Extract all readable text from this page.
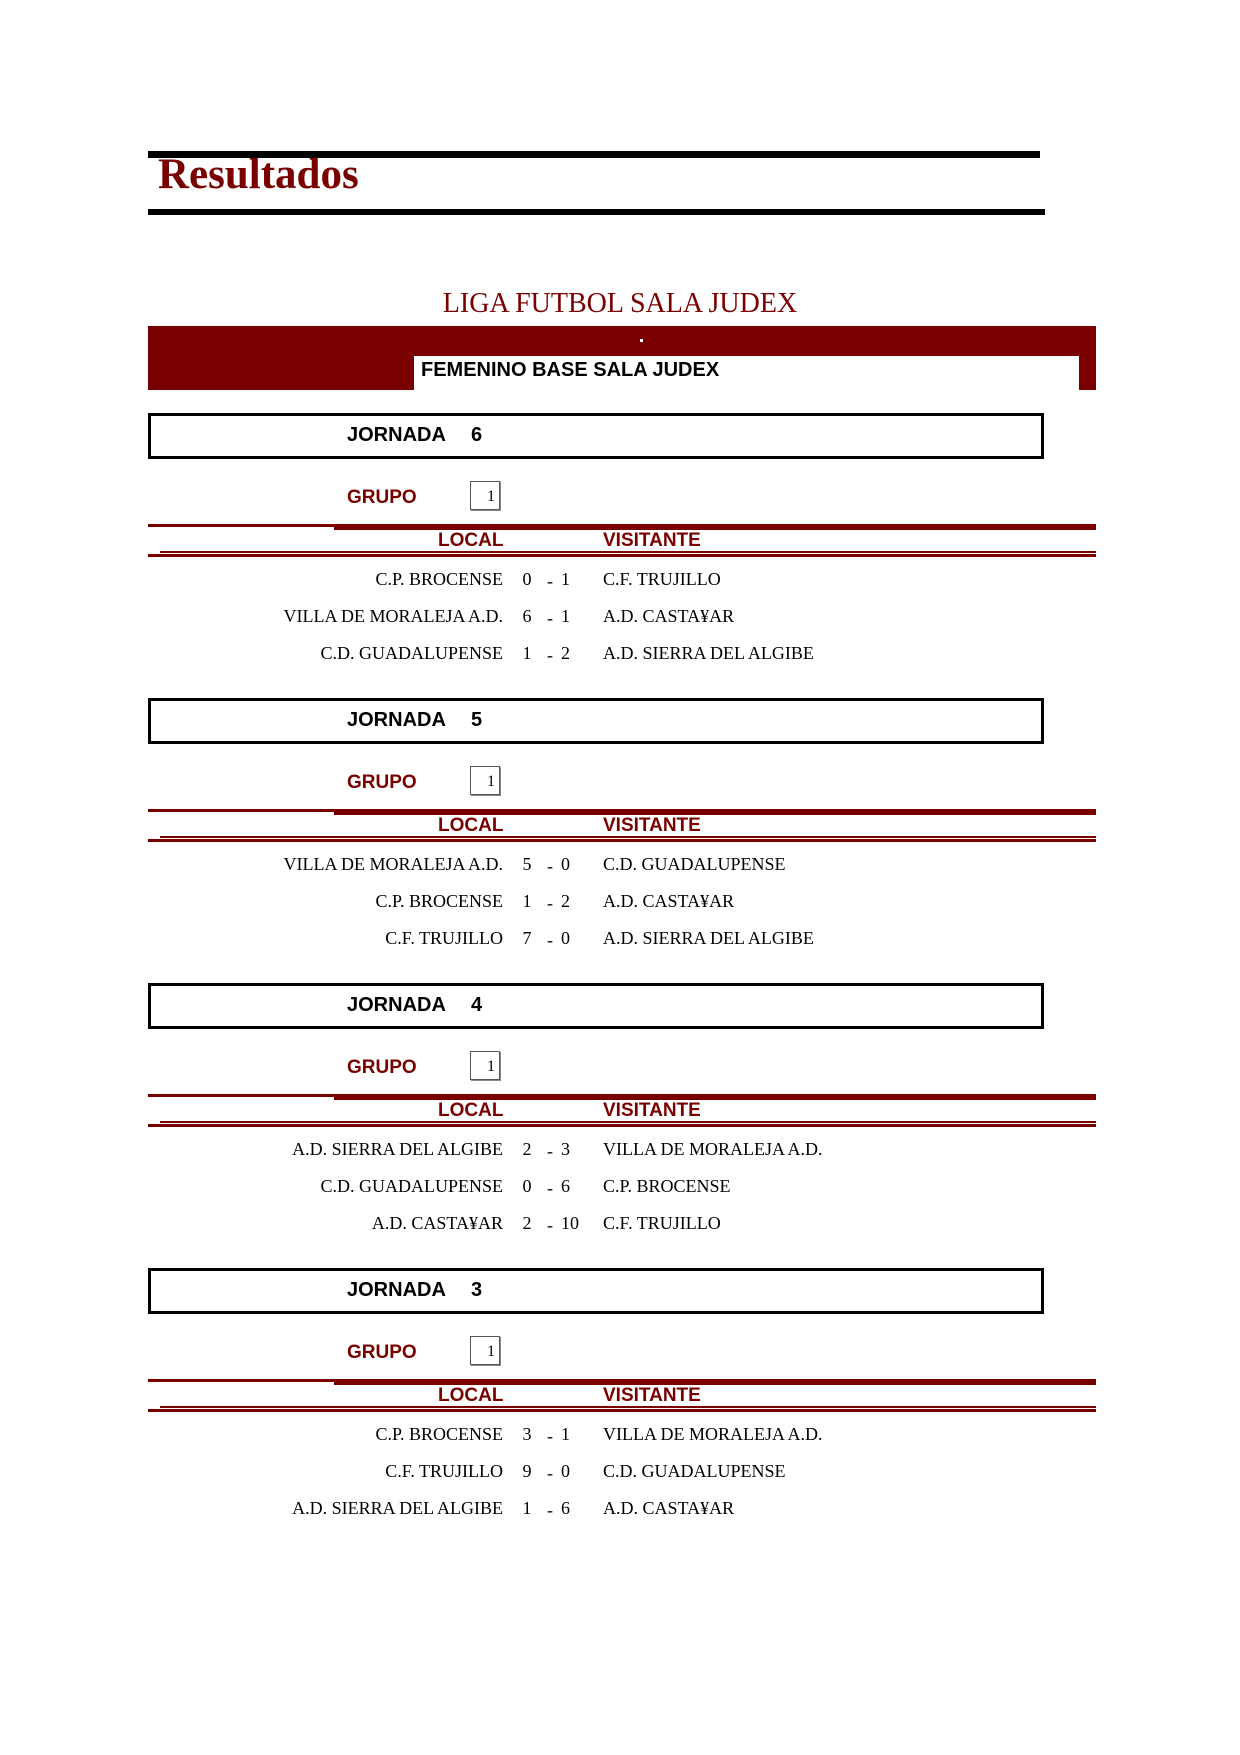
Resultados
LIGA FUTBOL SALA JUDEX
FEMENINO BASE SALA JUDEX
JORNADA 6
GRUPO	1
LOCAL	VISITANTE
C.P. BROCENSE	0 - 1	C.F. TRUJILLO
VILLA DE MORALEJA A.D.	6 - 1	A.D. CASTA¥AR
C.D. GUADALUPENSE	1 - 2	A.D. SIERRA DEL ALGIBE
JORNADA 5
GRUPO	1
LOCAL	VISITANTE
VILLA DE MORALEJA A.D.	5 - 0	C.D. GUADALUPENSE
C.P. BROCENSE	1 - 2	A.D. CASTA¥AR
C.F. TRUJILLO	7 - 0	A.D. SIERRA DEL ALGIBE
JORNADA 4
GRUPO	1
LOCAL	VISITANTE
A.D. SIERRA DEL ALGIBE	2 - 3	VILLA DE MORALEJA A.D.
C.D. GUADALUPENSE	0 - 6	C.P. BROCENSE
A.D. CASTA¥AR	2 - 10	C.F. TRUJILLO
JORNADA 3
GRUPO	1
LOCAL	VISITANTE
C.P. BROCENSE	3 - 1	VILLA DE MORALEJA A.D.
C.F. TRUJILLO	9 - 0	C.D. GUADALUPENSE
A.D. SIERRA DEL ALGIBE	1 - 6	A.D. CASTA¥AR
